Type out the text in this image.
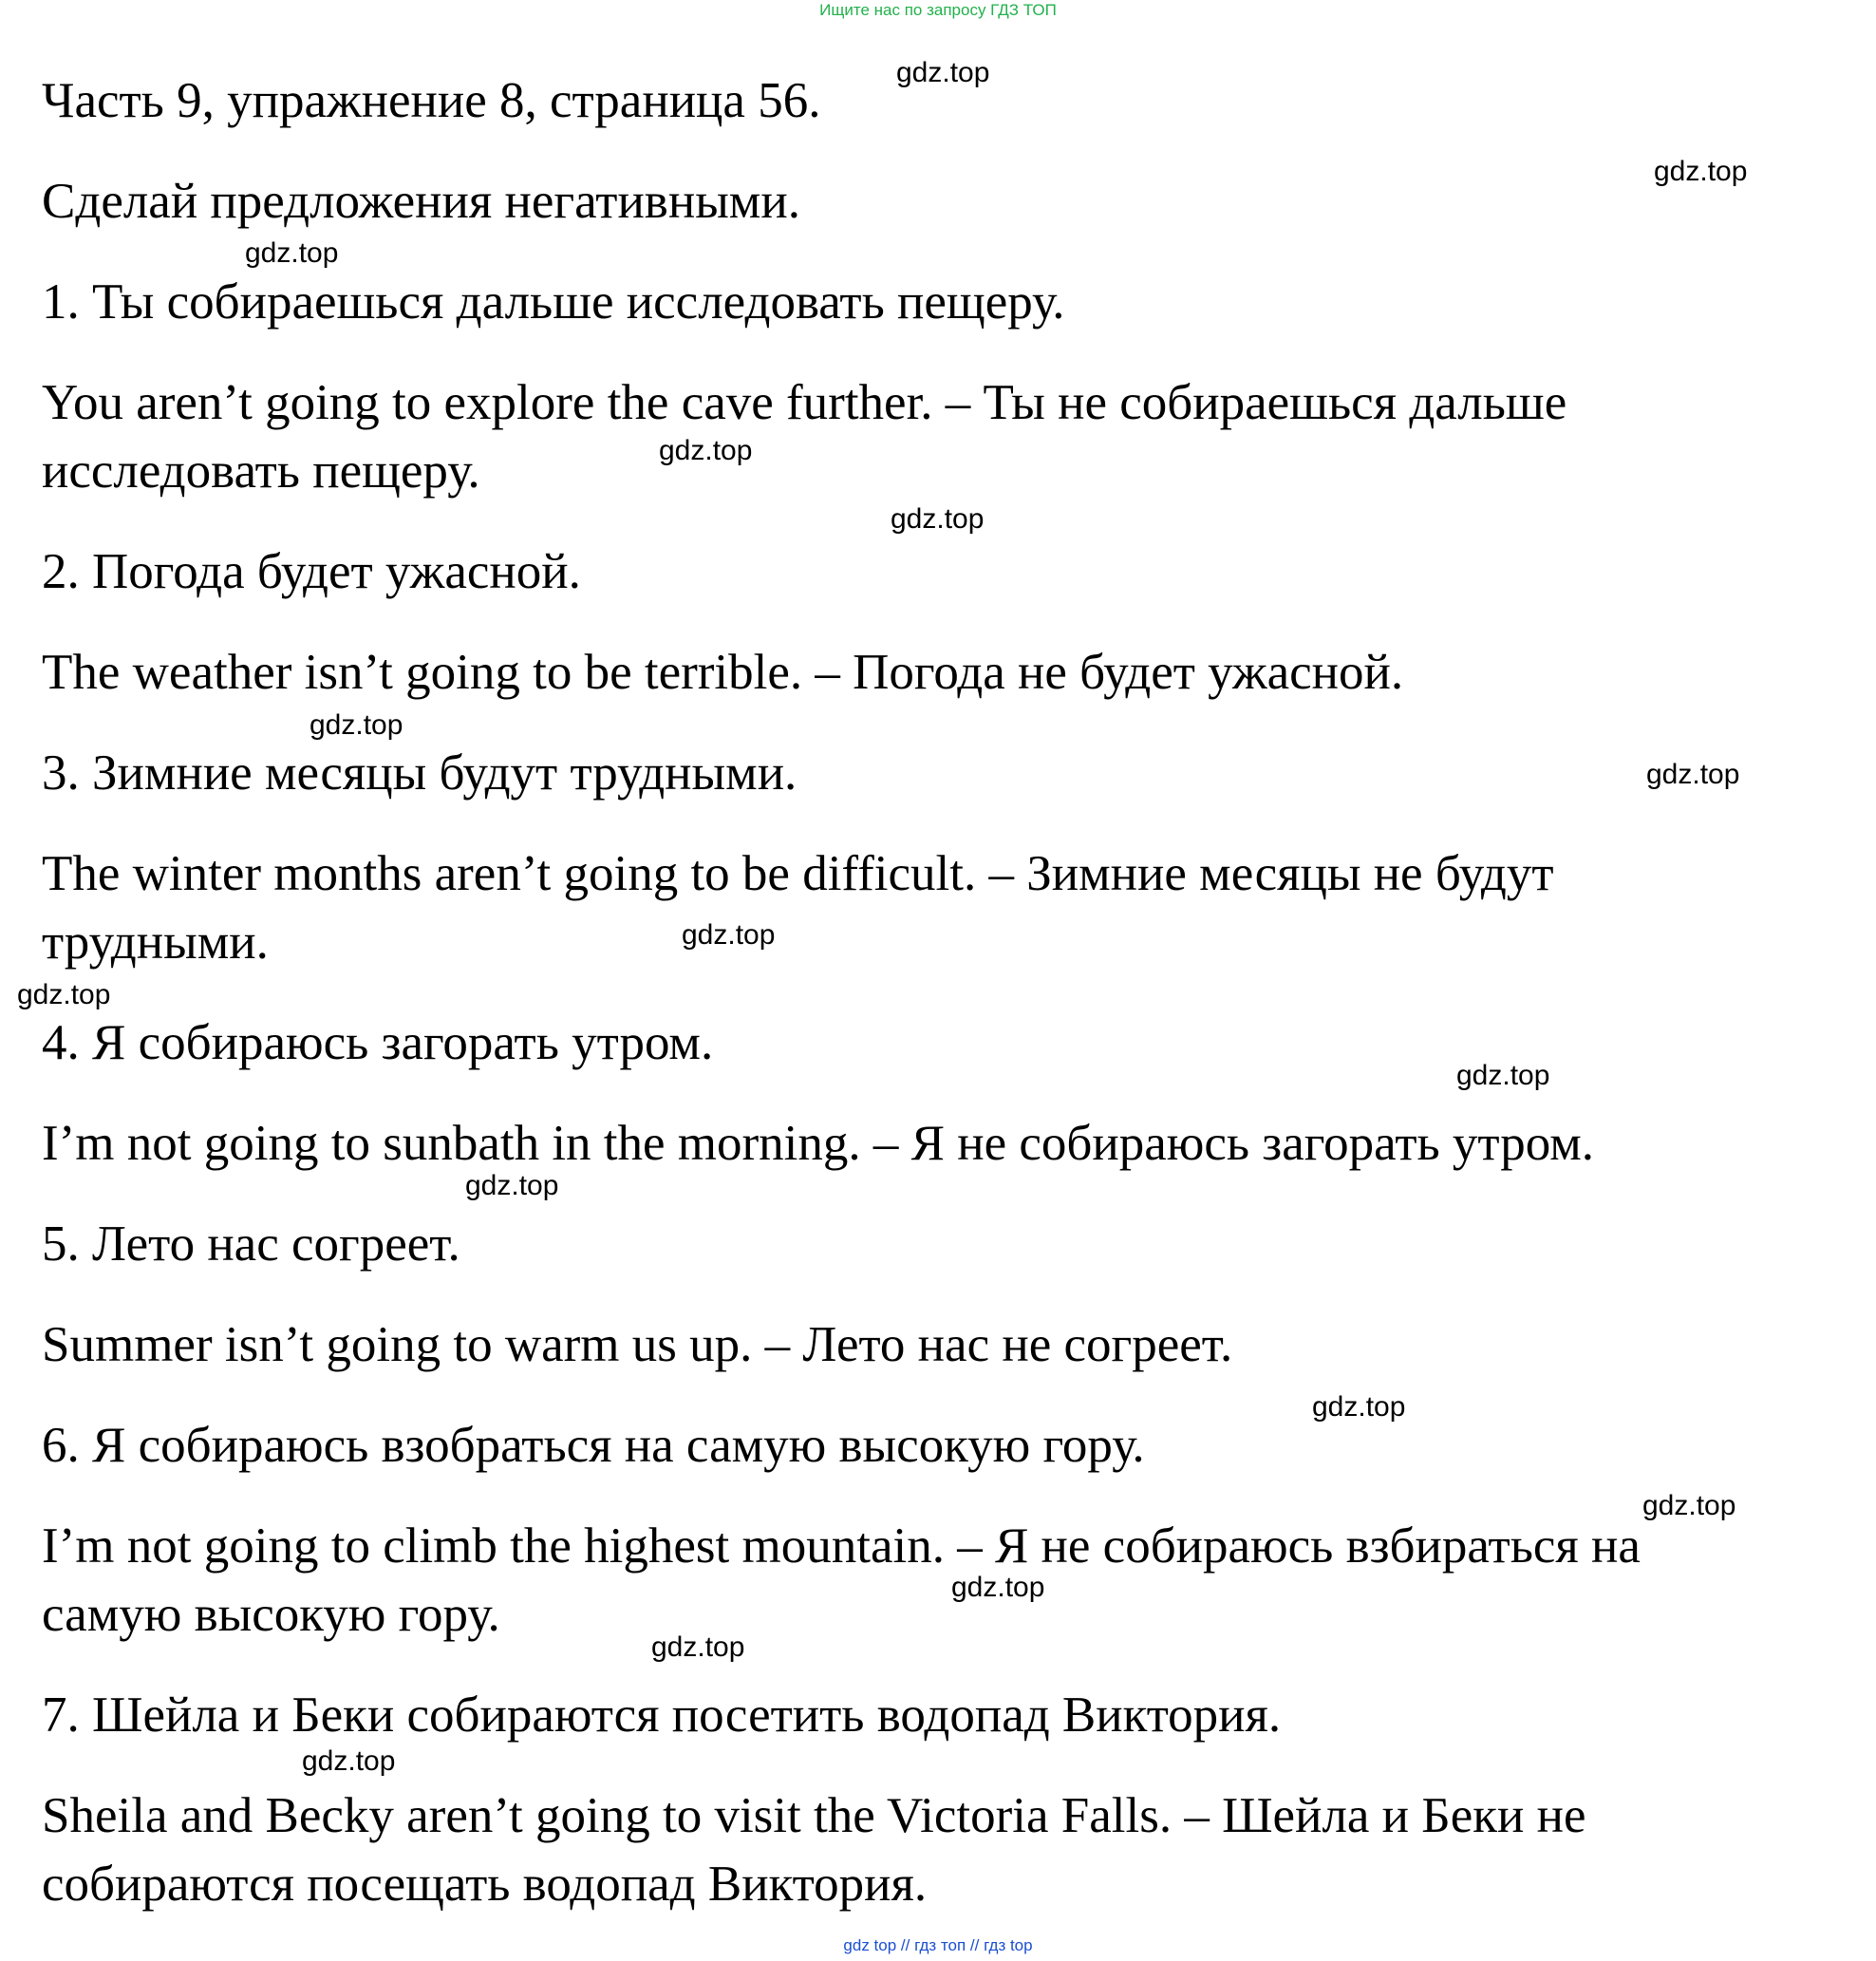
Ищите нас по запросу ГДЗ ТОП

Часть 9, упражнение 8, страница 56.

Сделай предложения негативными.

1. Ты собираешься дальше исследовать пещеру.

You aren’t going to explore the cave further. – Ты не собираешься дальше

исследовать пещеру.

2. Погода будет ужасной.

The weather isn’t going to be terrible. – Погода не будет ужасной.

3. Зимние месяцы будут трудными.

The winter months aren’t going to be difficult. – Зимние месяцы не будут

трудными.

4. Я собираюсь загорать утром.

I’m not going to sunbath in the morning. – Я не собираюсь загорать утром.

5. Лето нас согреет.

Summer isn’t going to warm us up. – Лето нас не согреет.

6. Я собираюсь взобраться на самую высокую гору.

I’m not going to climb the highest mountain. – Я не собираюсь взбираться на

самую высокую гору.

7. Шейла и Беки собираются посетить водопад Виктория.

Sheila and Becky aren’t going to visit the Victoria Falls. – Шейла и Беки не

собираются посещать водопад Виктория.

gdz.top
gdz.top
gdz.top
gdz.top
gdz.top
gdz.top
gdz.top
gdz.top
gdz.top
gdz.top
gdz.top
gdz.top
gdz.top
gdz.top
gdz.top
gdz.top
gdz top // гдз топ // гдз top
